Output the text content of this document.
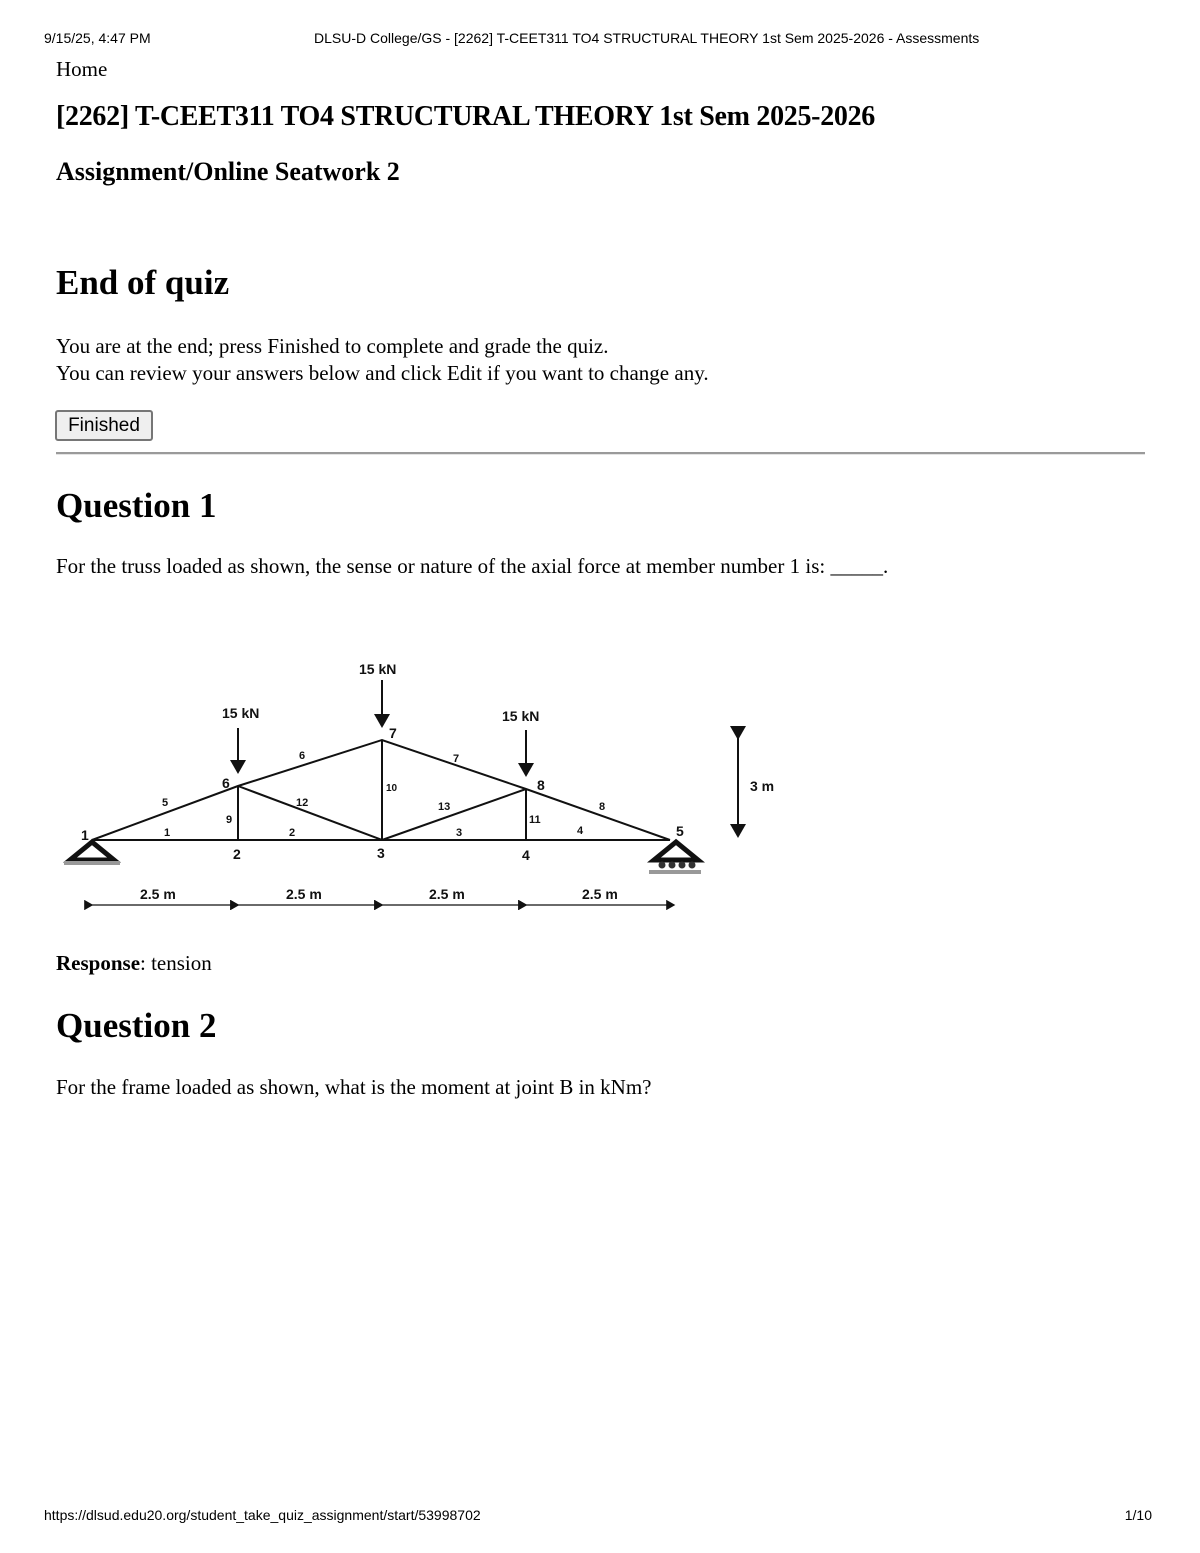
9/15/25, 4:47 PM	DLSU-D College/GS - [2262] T-CEET311 TO4 STRUCTURAL THEORY 1st Sem 2025-2026 - Assessments
Home
[2262] T-CEET311 TO4 STRUCTURAL THEORY 1st Sem 2025-2026
Assignment/Online Seatwork 2
End of quiz
You are at the end; press Finished to complete and grade the quiz.
You can review your answers below and click Edit if you want to change any.
Finished
Question 1
For the truss loaded as shown, the sense or nature of the axial force at member number 1 is: _____.
15 kN
15 kN
15 kN
3 m
2.5 m	2.5 m	2.5 m	2.5 m
1
2	3	4
5
6
7
8
1	2	3	4
5
6	7
8
9
10
11
12	13
Response: tension
Question 2
For the frame loaded as shown, what is the moment at joint B in kNm?
https://dlsud.edu20.org/student_take_quiz_assignment/start/53998702	1/10
